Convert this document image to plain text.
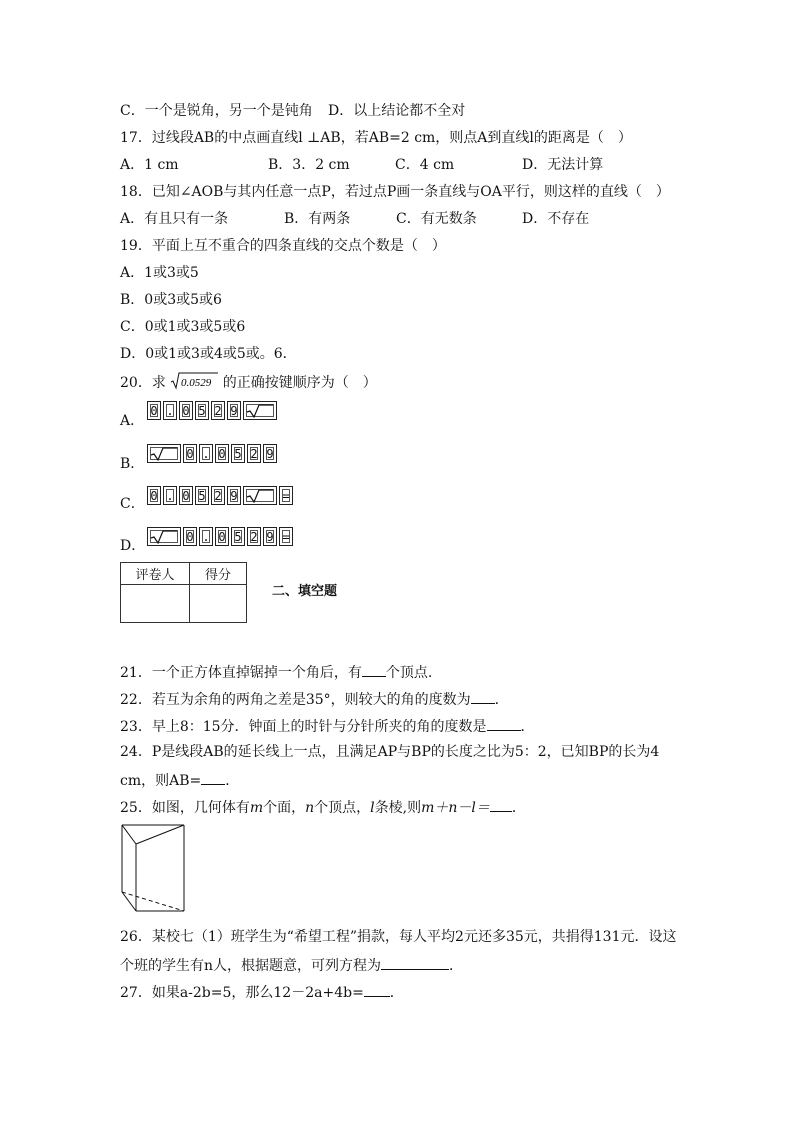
C．一个是锐角，另一个是钝角 D．以上结论都不全对
17．过线段AB的中点画直线l ⊥AB，若AB=2 cm，则点A到直线l的距离是（　）
A．1 cm	B．3．2 cm	C．4 cm	D．无法计算
18．已知∠AOB与其内任意一点P，若过点P画一条直线与OA平行，则这样的直线（　）
A．有且只有一条	B．有两条	C．有无数条	D．不存在
19．平面上互不重合的四条直线的交点个数是（　）
A．1或3或5
B．0或3或5或6
C．0或1或3或5或6
D．0或1或3或4或5或。6．
20．求 0.0529 的正确按键顺序为（　）
A．
0 . 0 5 2 9
B．
0 . 0 5 2 9
C．
0 . 0 5 2 9	=
D．
0 . 0 5 2 9 =
评卷人	得分

二、填空题
21．一个正方体直掉锯掉一个角后，有 个顶点.
22．若互为余角的两角之差是35°，则较大的角的度数为 .
23．早上8：15分．钟面上的时针与分针所夹的角的度数是 ．
24．P是线段AB的延长线上一点，且满足AP与BP的长度之比为5：2，已知BP的长为4
cm，则AB= ．
25．如图，几何体有m个面，n个顶点，l条棱,则m＋n－l＝ ．
26．某校七（1）班学生为“希望工程”捐款，每人平均2元还多35元，共捐得131元．设这
个班的学生有n人，根据题意，可列方程为	．
27．如果a-2b=5，那么12－2a+4b= ．
